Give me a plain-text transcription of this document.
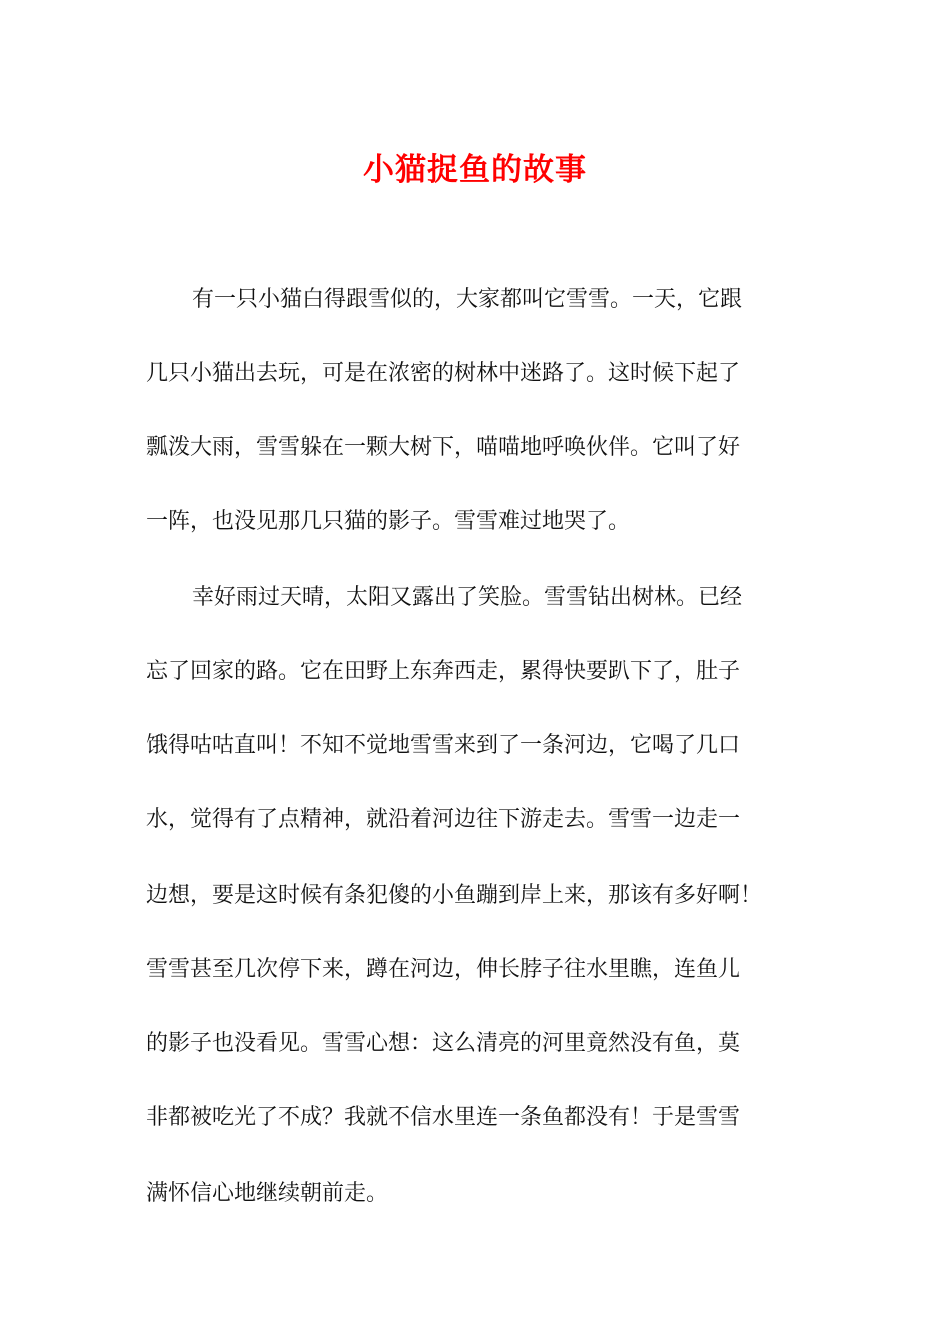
小猫捉鱼的故事
有一只小猫白得跟雪似的，大家都叫它雪雪。一天，它跟
几只小猫出去玩，可是在浓密的树林中迷路了。这时候下起了
瓢泼大雨，雪雪躲在一颗大树下，喵喵地呼唤伙伴。它叫了好
一阵，也没见那几只猫的影子。雪雪难过地哭了。
幸好雨过天晴，太阳又露出了笑脸。雪雪钻出树林。已经
忘了回家的路。它在田野上东奔西走，累得快要趴下了，肚子
饿得咕咕直叫！不知不觉地雪雪来到了一条河边，它喝了几口
水，觉得有了点精神，就沿着河边往下游走去。雪雪一边走一
边想，要是这时候有条犯傻的小鱼蹦到岸上来，那该有多好啊！
雪雪甚至几次停下来，蹲在河边，伸长脖子往水里瞧，连鱼儿
的影子也没看见。雪雪心想：这么清亮的河里竟然没有鱼，莫
非都被吃光了不成？我就不信水里连一条鱼都没有！于是雪雪
满怀信心地继续朝前走。
